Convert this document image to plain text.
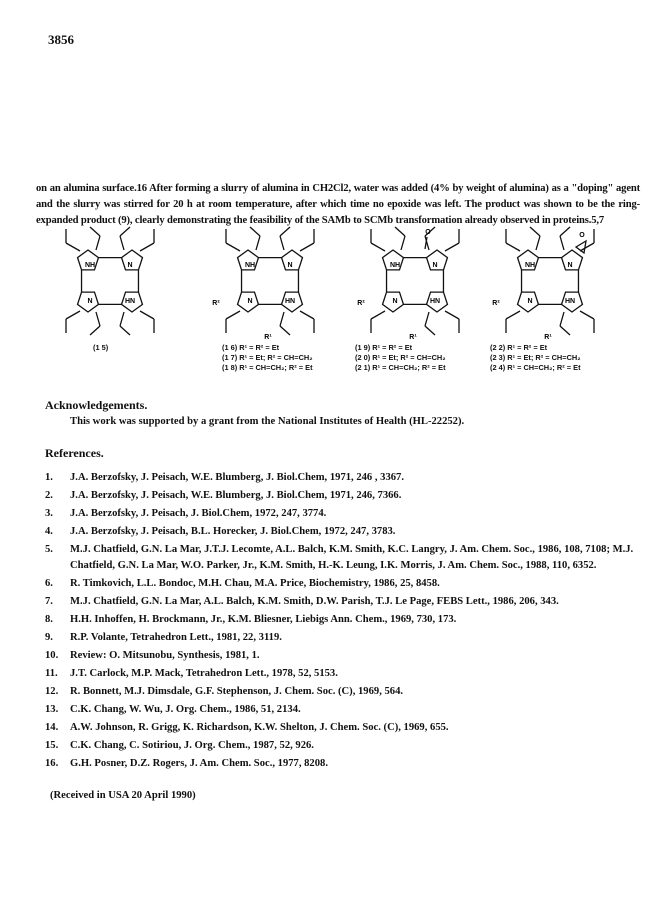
3856

on an alumina surface.16 After forming a slurry of alumina in CH2Cl2, water was added (4% by weight of alumina) as a "doping" agent and the slurry was stirred for 20 h at room temperature, after which time no epoxide was left. The product was shown to be the ring-expanded product (9), clearly demonstrating the feasibility of the SAMb to SCMb transformation already observed in proteins.5,7

NH	N
N	HN
NH	N
N	HN
R²
R¹
NH	N
N	HN
R²
R¹
O
NH	N
N	HN
R²
R¹
O
(1 5)	(1 6) R¹ = R² = Et
(1 7) R¹ = Et; R² = CH=CH₂
(1 8) R¹ = CH=CH₂; R² = Et
(1 9) R¹ = R² = Et
(2 0) R¹ = Et; R² = CH=CH₂
(2 1) R¹ = CH=CH₂; R² = Et
(2 2) R¹ = R² = Et
(2 3) R¹ = Et; R² = CH=CH₂
(2 4) R¹ = CH=CH₂; R² = Et
Acknowledgements.
This work was supported by a grant from the National Institutes of Health (HL-22252).
References.
1.	J.A. Berzofsky, J. Peisach, W.E. Blumberg, J. Biol.Chem, 1971, 246 , 3367.
2.	J.A. Berzofsky, J. Peisach, W.E. Blumberg, J. Biol.Chem, 1971, 246, 7366.
3.	J.A. Berzofsky, J. Peisach, J. Biol.Chem, 1972, 247, 3774.
4.	J.A. Berzofsky, J. Peisach, B.L. Horecker, J. Biol.Chem, 1972, 247, 3783.
5.	M.J. Chatfield, G.N. La Mar, J.T.J. Lecomte, A.L. Balch, K.M. Smith, K.C. Langry, J. Am. Chem. Soc., 1986, 108, 7108; M.J. Chatfield, G.N. La Mar, W.O. Parker, Jr., K.M. Smith, H.-K. Leung, I.K. Morris, J. Am. Chem. Soc., 1988, 110, 6352.
6.	R. Timkovich, L.L. Bondoc, M.H. Chau, M.A. Price, Biochemistry, 1986, 25, 8458.
7.	M.J. Chatfield, G.N. La Mar, A.L. Balch, K.M. Smith, D.W. Parish, T.J. Le Page, FEBS Lett., 1986, 206, 343.
8.	H.H. Inhoffen, H. Brockmann, Jr., K.M. Bliesner, Liebigs Ann. Chem., 1969, 730, 173.
9.	R.P. Volante, Tetrahedron Lett., 1981, 22, 3119.
10.	Review: O. Mitsunobu, Synthesis, 1981, 1.
11.	J.T. Carlock, M.P. Mack, Tetrahedron Lett., 1978, 52, 5153.
12.	R. Bonnett, M.J. Dimsdale, G.F. Stephenson, J. Chem. Soc. (C), 1969, 564.
13.	C.K. Chang, W. Wu, J. Org. Chem., 1986, 51, 2134.
14.	A.W. Johnson, R. Grigg, K. Richardson, K.W. Shelton, J. Chem. Soc. (C), 1969, 655.
15.	C.K. Chang, C. Sotiriou, J. Org. Chem., 1987, 52, 926.
16.	G.H. Posner, D.Z. Rogers, J. Am. Chem. Soc., 1977, 8208.
(Received in USA 20 April 1990)
